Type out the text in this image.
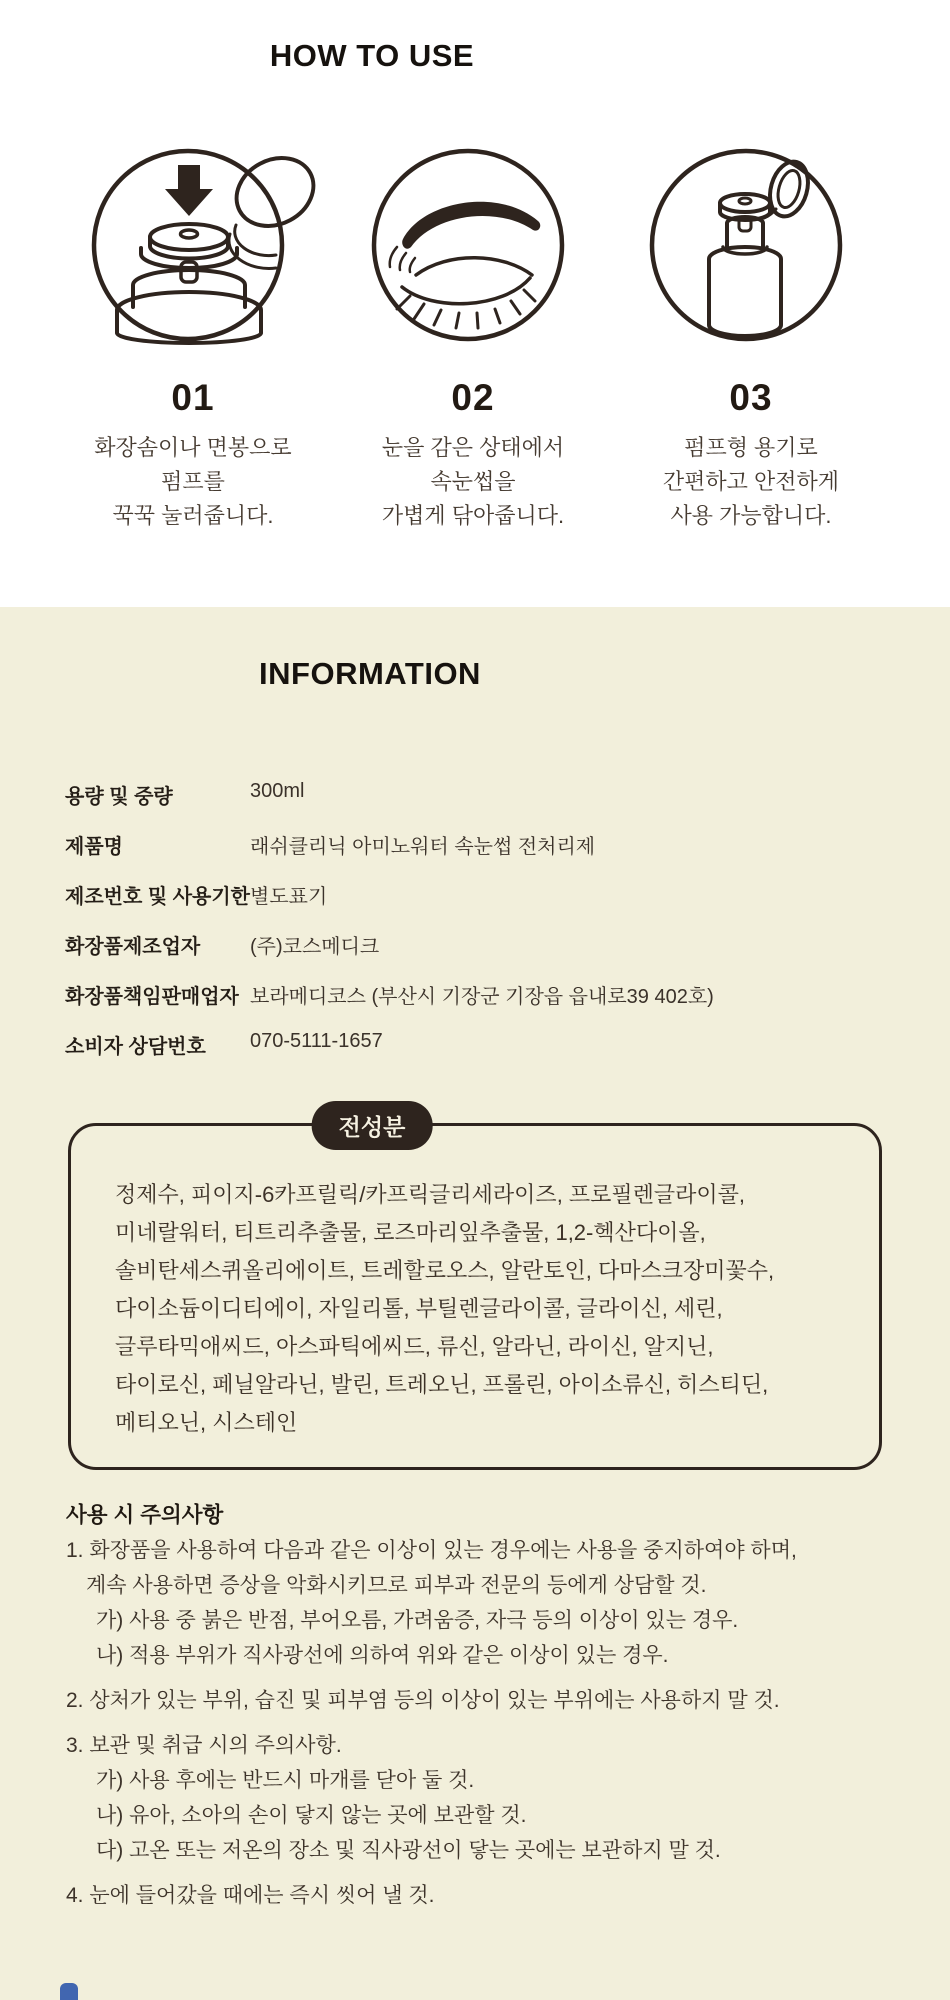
HOW TO USE
01
화장솜이나 면봉으로
펌프를
꾹꾹 눌러줍니다.
02
눈을 감은 상태에서
속눈썹을
가볍게 닦아줍니다.
03
펌프형 용기로
간편하고 안전하게
사용 가능합니다.
INFORMATION
용량 및 중량	300ml
제품명	래쉬클리닉 아미노워터 속눈썹 전처리제
제조번호 및 사용기한 별도표기
화장품제조업자 (주)코스메디크
화장품책임판매업자 보라메디코스 (부산시 기장군 기장읍 읍내로39 402호)
소비자 상담번호 070-5111-1657
전성분
정제수, 피이지-6카프릴릭/카프릭글리세라이즈, 프로필렌글라이콜,
미네랄워터, 티트리추출물, 로즈마리잎추출물, 1,2-헥산다이올,
솔비탄세스퀴올리에이트, 트레할로오스, 알란토인, 다마스크장미꽃수,
다이소듐이디티에이, 자일리톨, 부틸렌글라이콜, 글라이신, 세린,
글루타믹애씨드, 아스파틱에씨드, 류신, 알라닌, 라이신, 알지닌,
타이로신, 페닐알라닌, 발린, 트레오닌, 프롤린, 아이소류신, 히스티딘,
메티오닌, 시스테인
사용 시 주의사항
1. 화장품을 사용하여 다음과 같은 이상이 있는 경우에는 사용을 중지하여야 하며,
계속 사용하면 증상을 악화시키므로 피부과 전문의 등에게 상담할 것.
가) 사용 중 붉은 반점, 부어오름, 가려움증, 자극 등의 이상이 있는 경우.
나) 적용 부위가 직사광선에 의하여 위와 같은 이상이 있는 경우.
2. 상처가 있는 부위, 습진 및 피부염 등의 이상이 있는 부위에는 사용하지 말 것.
3. 보관 및 취급 시의 주의사항.
가) 사용 후에는 반드시 마개를 닫아 둘 것.
나) 유아, 소아의 손이 닿지 않는 곳에 보관할 것.
다) 고온 또는 저온의 장소 및 직사광선이 닿는 곳에는 보관하지 말 것.
4. 눈에 들어갔을 때에는 즉시 씻어 낼 것.
